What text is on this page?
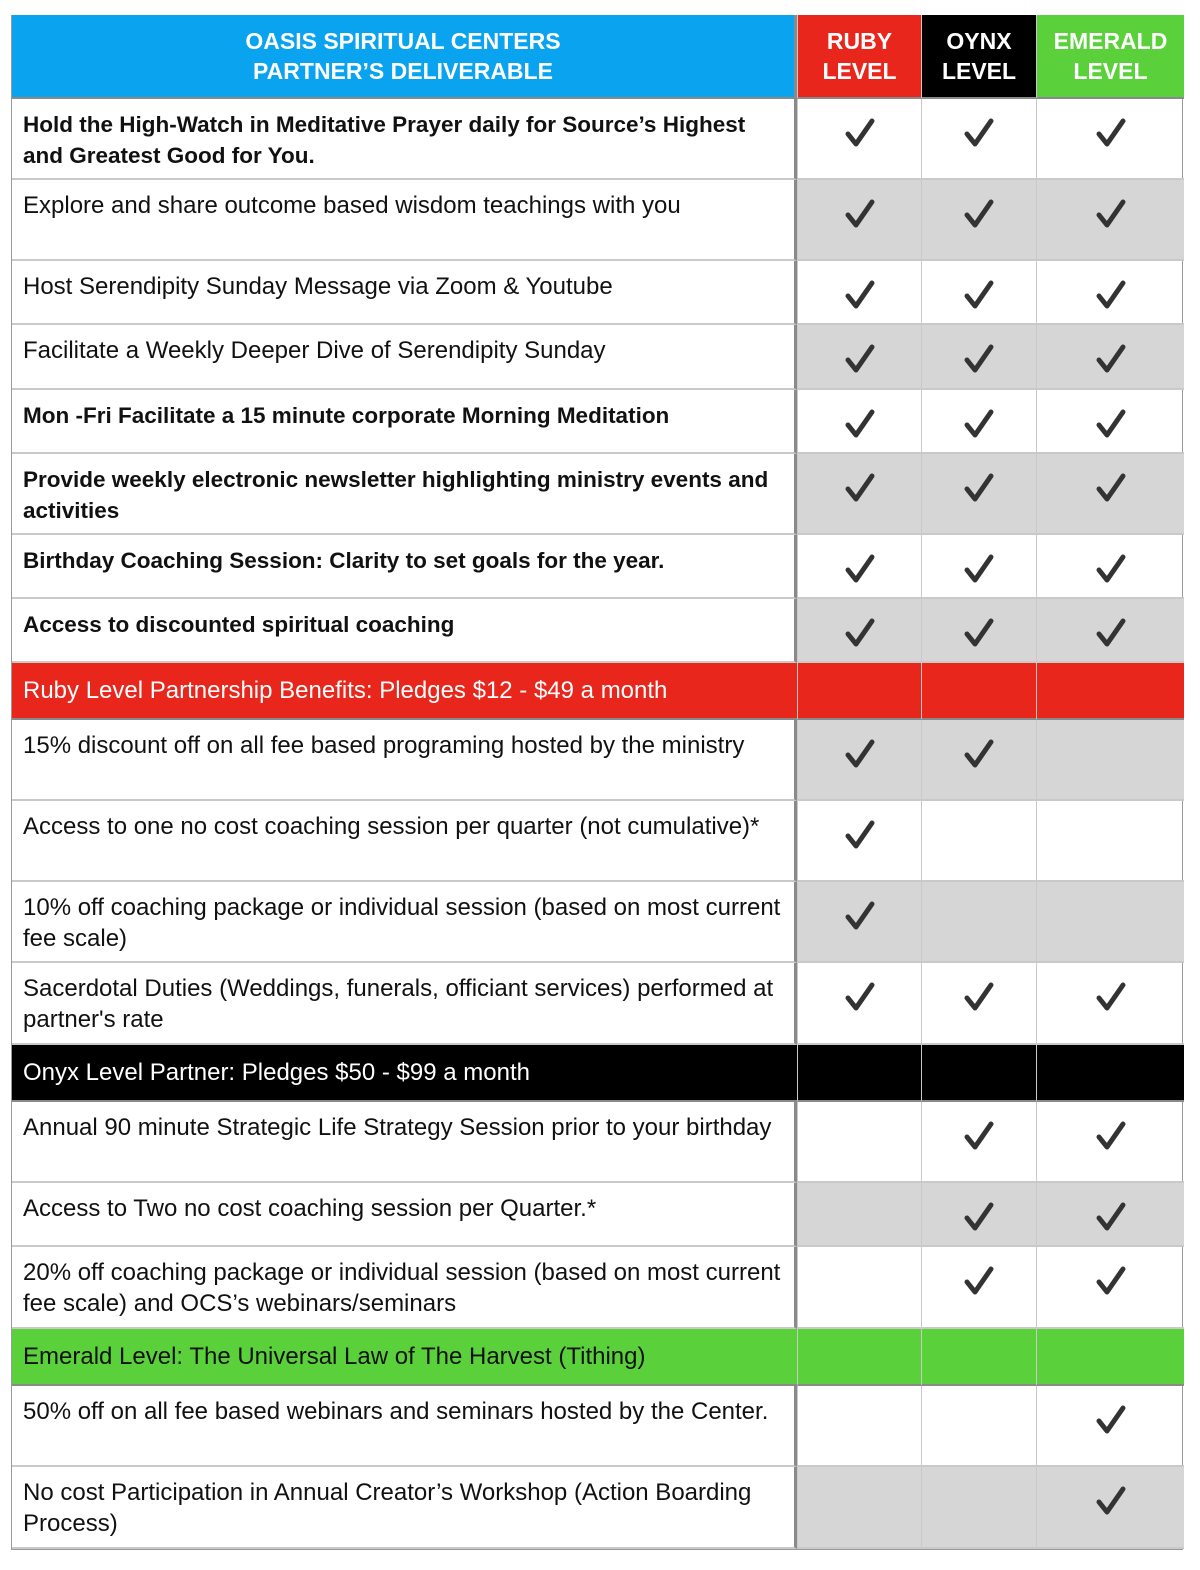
OASIS SPIRITUAL CENTERS
PARTNER’S DELIVERABLE
RUBY
LEVEL
OYNX
LEVEL
EMERALD
LEVEL
Hold the High-Watch in Meditative Prayer daily for Source’s Highest and Greatest Good for You.
Explore and share outcome based wisdom teachings with you
Host Serendipity Sunday Message via Zoom & Youtube
Facilitate a Weekly Deeper Dive of Serendipity Sunday
Mon -Fri Facilitate a 15 minute corporate Morning Meditation
Provide weekly electronic newsletter highlighting ministry events and activities
Birthday Coaching Session: Clarity to set goals for the year.
Access to discounted spiritual coaching
Ruby Level Partnership Benefits: Pledges $12 - $49 a month
15% discount off on all fee based programing hosted by the ministry
Access to one no cost coaching session per quarter (not cumulative)*
10% off coaching package or individual session (based on most current fee scale)
Sacerdotal Duties (Weddings, funerals, officiant services) performed at partner's rate
Onyx Level Partner: Pledges $50 - $99 a month
Annual 90 minute Strategic Life Strategy Session prior to your birthday
Access to Two no cost coaching session per Quarter.*
20% off coaching package or individual session (based on most current fee scale) and OCS’s webinars/seminars
Emerald Level: The Universal Law of The Harvest (Tithing)
50% off on all fee based webinars and seminars hosted by the Center.
No cost Participation in Annual Creator’s Workshop (Action Boarding Process)
